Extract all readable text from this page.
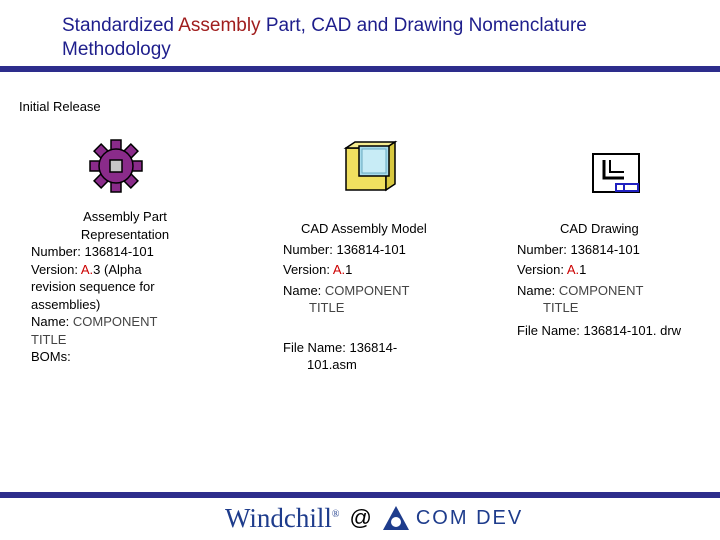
Standardized Assembly Part, CAD and Drawing Nomenclature
Methodology
Initial Release
Assembly Part
Representation
Number: 136814-101
Version: A.3 (Alpha
revision sequence for
assemblies)
Name: COMPONENT
TITLE
BOMs:
CAD Assembly Model
Number: 136814-101
Version: A.1
Name: COMPONENT
TITLE
File Name: 136814-
101.asm
CAD Drawing
Number: 136814-101
Version: A.1
Name: COMPONENT
TITLE
File Name: 136814-101. drw
Windchill® @ COM DEV
